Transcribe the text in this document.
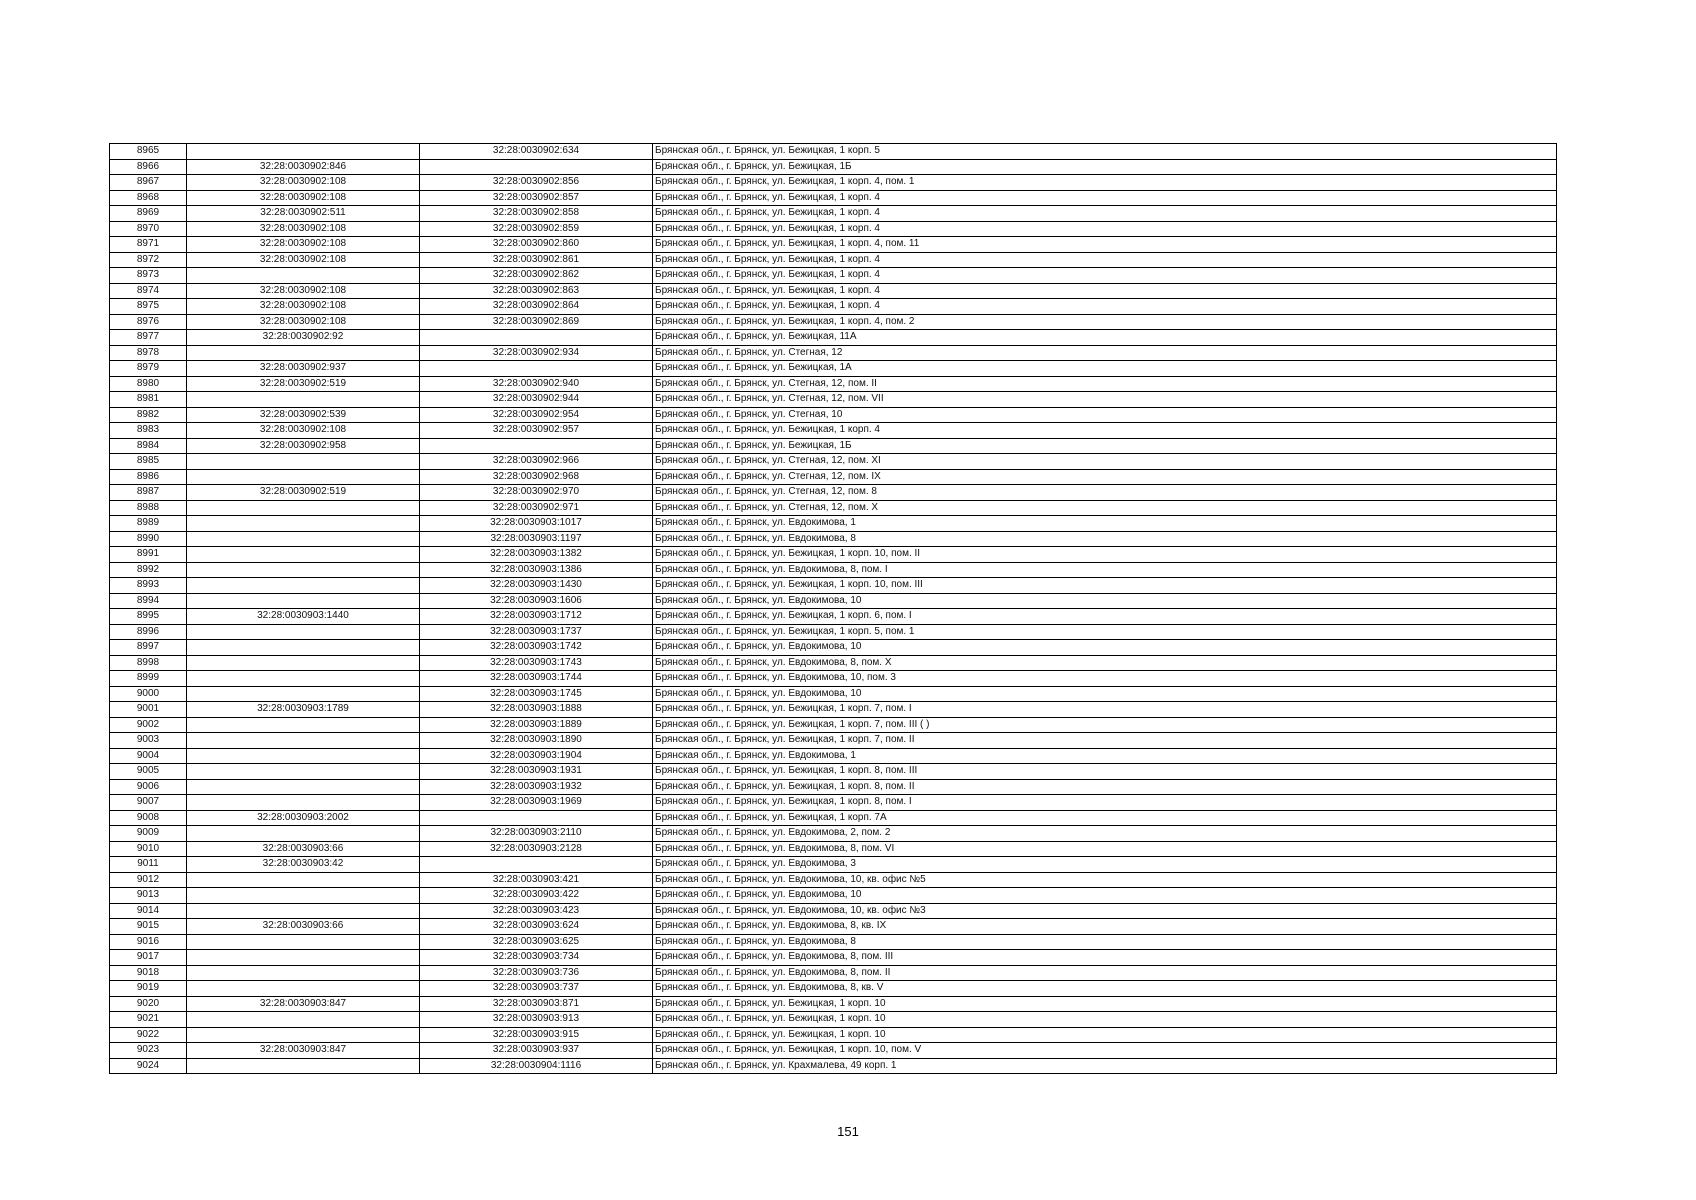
8965		32:28:0030902:634	Брянская обл., г. Брянск, ул. Бежицкая, 1 корп. 5
8966	32:28:0030902:846		Брянская обл., г. Брянск, ул. Бежицкая, 1Б
8967	32:28:0030902:108	32:28:0030902:856	Брянская обл., г. Брянск, ул. Бежицкая, 1 корп. 4, пом. 1
8968	32:28:0030902:108	32:28:0030902:857	Брянская обл., г. Брянск, ул. Бежицкая, 1 корп. 4
8969	32:28:0030902:511	32:28:0030902:858	Брянская обл., г. Брянск, ул. Бежицкая, 1 корп. 4
8970	32:28:0030902:108	32:28:0030902:859	Брянская обл., г. Брянск, ул. Бежицкая, 1 корп. 4
8971	32:28:0030902:108	32:28:0030902:860	Брянская обл., г. Брянск, ул. Бежицкая, 1 корп. 4, пом. 11
8972	32:28:0030902:108	32:28:0030902:861	Брянская обл., г. Брянск, ул. Бежицкая, 1 корп. 4
8973		32:28:0030902:862	Брянская обл., г. Брянск, ул. Бежицкая, 1 корп. 4
8974	32:28:0030902:108	32:28:0030902:863	Брянская обл., г. Брянск, ул. Бежицкая, 1 корп. 4
8975	32:28:0030902:108	32:28:0030902:864	Брянская обл., г. Брянск, ул. Бежицкая, 1 корп. 4
8976	32:28:0030902:108	32:28:0030902:869	Брянская обл., г. Брянск, ул. Бежицкая, 1 корп. 4, пом. 2
8977	32:28:0030902:92		Брянская обл., г. Брянск, ул. Бежицкая, 11А
8978		32:28:0030902:934	Брянская обл., г. Брянск, ул. Стегная, 12
8979	32:28:0030902:937		Брянская обл., г. Брянск, ул. Бежицкая, 1А
8980	32:28:0030902:519	32:28:0030902:940	Брянская обл., г. Брянск, ул. Стегная, 12, пом. II
8981		32:28:0030902:944	Брянская обл., г. Брянск, ул. Стегная, 12, пом. VII
8982	32:28:0030902:539	32:28:0030902:954	Брянская обл., г. Брянск, ул. Стегная, 10
8983	32:28:0030902:108	32:28:0030902:957	Брянская обл., г. Брянск, ул. Бежицкая, 1 корп. 4
8984	32:28:0030902:958		Брянская обл., г. Брянск, ул. Бежицкая, 1Б
8985		32:28:0030902:966	Брянская обл., г. Брянск, ул. Стегная, 12, пом. XI
8986		32:28:0030902:968	Брянская обл., г. Брянск, ул. Стегная, 12, пом. IX
8987	32:28:0030902:519	32:28:0030902:970	Брянская обл., г. Брянск, ул. Стегная, 12, пом. 8
8988		32:28:0030902:971	Брянская обл., г. Брянск, ул. Стегная, 12, пом. X
8989		32:28:0030903:1017	Брянская обл., г. Брянск, ул. Евдокимова, 1
8990		32:28:0030903:1197	Брянская обл., г. Брянск, ул. Евдокимова, 8
8991		32:28:0030903:1382	Брянская обл., г. Брянск, ул. Бежицкая, 1 корп. 10, пом. II
8992		32:28:0030903:1386	Брянская обл., г. Брянск, ул. Евдокимова, 8, пом. I
8993		32:28:0030903:1430	Брянская обл., г. Брянск, ул. Бежицкая, 1 корп. 10, пом. III
8994		32:28:0030903:1606	Брянская обл., г. Брянск, ул. Евдокимова, 10
8995	32:28:0030903:1440	32:28:0030903:1712	Брянская обл., г. Брянск, ул. Бежицкая, 1 корп. 6, пом. I
8996		32:28:0030903:1737	Брянская обл., г. Брянск, ул. Бежицкая, 1 корп. 5, пом. 1
8997		32:28:0030903:1742	Брянская обл., г. Брянск, ул. Евдокимова, 10
8998		32:28:0030903:1743	Брянская обл., г. Брянск, ул. Евдокимова, 8, пом. X
8999		32:28:0030903:1744	Брянская обл., г. Брянск, ул. Евдокимова, 10, пом. 3
9000		32:28:0030903:1745	Брянская обл., г. Брянск, ул. Евдокимова, 10
9001	32:28:0030903:1789	32:28:0030903:1888	Брянская обл., г. Брянск, ул. Бежицкая, 1 корп. 7, пом. I
9002		32:28:0030903:1889	Брянская обл., г. Брянск, ул. Бежицкая, 1 корп. 7, пом. III ( )
9003		32:28:0030903:1890	Брянская обл., г. Брянск, ул. Бежицкая, 1 корп. 7, пом. II
9004		32:28:0030903:1904	Брянская обл., г. Брянск, ул. Евдокимова, 1
9005		32:28:0030903:1931	Брянская обл., г. Брянск, ул. Бежицкая, 1 корп. 8, пом. III
9006		32:28:0030903:1932	Брянская обл., г. Брянск, ул. Бежицкая, 1 корп. 8, пом. II
9007		32:28:0030903:1969	Брянская обл., г. Брянск, ул. Бежицкая, 1 корп. 8, пом. I
9008	32:28:0030903:2002		Брянская обл., г. Брянск, ул. Бежицкая, 1 корп. 7А
9009		32:28:0030903:2110	Брянская обл., г. Брянск, ул. Евдокимова, 2, пом. 2
9010	32:28:0030903:66	32:28:0030903:2128	Брянская обл., г. Брянск, ул. Евдокимова, 8, пом. VI
9011	32:28:0030903:42		Брянская обл., г. Брянск, ул. Евдокимова, 3
9012		32:28:0030903:421	Брянская обл., г. Брянск, ул. Евдокимова, 10, кв. офис №5
9013		32:28:0030903:422	Брянская обл., г. Брянск, ул. Евдокимова, 10
9014		32:28:0030903:423	Брянская обл., г. Брянск, ул. Евдокимова, 10, кв. офис №3
9015	32:28:0030903:66	32:28:0030903:624	Брянская обл., г. Брянск, ул. Евдокимова, 8, кв. IX
9016		32:28:0030903:625	Брянская обл., г. Брянск, ул. Евдокимова, 8
9017		32:28:0030903:734	Брянская обл., г. Брянск, ул. Евдокимова, 8, пом. III
9018		32:28:0030903:736	Брянская обл., г. Брянск, ул. Евдокимова, 8, пом. II
9019		32:28:0030903:737	Брянская обл., г. Брянск, ул. Евдокимова, 8, кв. V
9020	32:28:0030903:847	32:28:0030903:871	Брянская обл., г. Брянск, ул. Бежицкая, 1 корп. 10
9021		32:28:0030903:913	Брянская обл., г. Брянск, ул. Бежицкая, 1 корп. 10
9022		32:28:0030903:915	Брянская обл., г. Брянск, ул. Бежицкая, 1 корп. 10
9023	32:28:0030903:847	32:28:0030903:937	Брянская обл., г. Брянск, ул. Бежицкая, 1 корп. 10, пом. V
9024		32:28:0030904:1116	Брянская обл., г. Брянск, ул. Крахмалева, 49 корп. 1
151
